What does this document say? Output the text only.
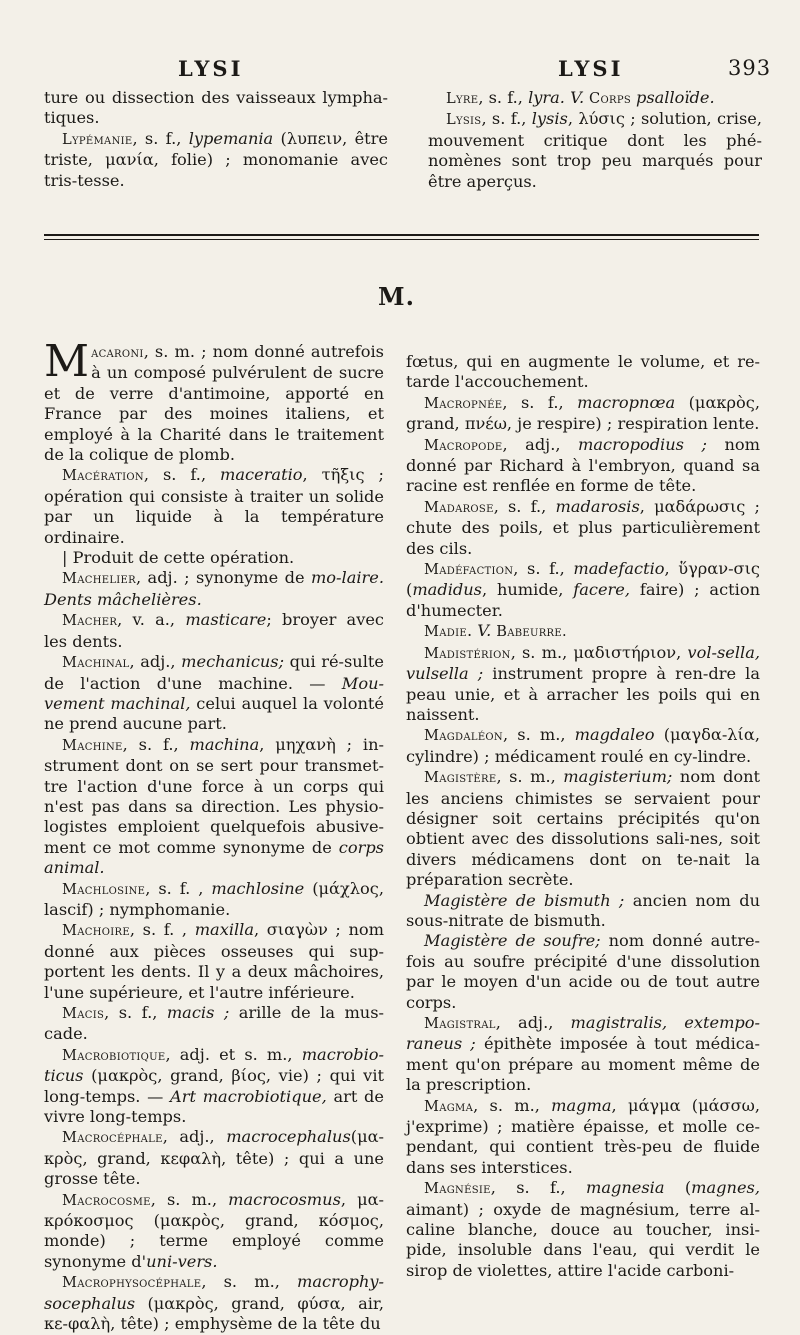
LYSI	LYSI	393

ture ou dissection des vaisseaux lympha-tiques.

Lypémanie, s. f., lypemania (λυπειν, être triste, μανία, folie) ; monomanie avec tris-tesse.

Lyre, s. f., lyra. V. Corps psalloïde.

Lysis, s. f., lysis, λύσις ; solution, crise, mouvement critique dont les phé-nomènes sont trop peu marqués pour être aperçus.

M.

Macaroni, s. m. ; nom donné autrefois à un composé pulvérulent de sucre et de verre d'antimoine, apporté en France par des moines italiens, et employé à la Charité dans le traitement de la colique de plomb.

Macération, s. f., maceratio, τῆξις ; opération qui consiste à traiter un solide par un liquide à la température ordinaire.

| Produit de cette opération.

Machelier, adj. ; synonyme de mo-laire. Dents mâchelières.

Macher, v. a., masticare; broyer avec les dents.

Machinal, adj., mechanicus; qui ré-sulte de l'action d'une machine. — Mou-vement machinal, celui auquel la volonté ne prend aucune part.

Machine, s. f., machina, μηχανὴ ; in-strument dont on se sert pour transmet-tre l'action d'une force à un corps qui n'est pas dans sa direction. Les physio-logistes emploient quelquefois abusive-ment ce mot comme synonyme de corps animal.

Machlosine, s. f. , machlosine (μάχλος, lascif) ; nymphomanie.

Machoire, s. f. , maxilla, σιαγὼν ; nom donné aux pièces osseuses qui sup-portent les dents. Il y a deux mâchoires, l'une supérieure, et l'autre inférieure.

Macis, s. f., macis ; arille de la mus-cade.

Macrobiotique, adj. et s. m., macrobio-ticus (μακρὸς, grand, βίος, vie) ; qui vit long-temps. — Art macrobiotique, art de vivre long-temps.

Macrocéphale, adj., macrocephalus(μα-κρὸς, grand, κεφαλὴ, tête) ; qui a une grosse tête.

Macrocosme, s. m., macrocosmus, μα-κρόκοσμος (μακρὸς, grand, κόσμος, monde) ; terme employé comme synonyme d'uni-vers.

Macrophysocéphale, s. m., macrophy-socephalus (μακρὸς, grand, φύσα, air, κε-φαλὴ, tête) ; emphysème de la tête du

fœtus, qui en augmente le volume, et re-tarde l'accouchement.

Macropnée, s. f., macropnœa (μακρὸς, grand, πνέω, je respire) ; respiration lente.

Macropode, adj., macropodius ; nom donné par Richard à l'embryon, quand sa racine est renflée en forme de tête.

Madarose, s. f., madarosis, μαδάρωσις ; chute des poils, et plus particulièrement des cils.

Madéfaction, s. f., madefactio, ὕγραν-σις (madidus, humide, facere, faire) ; action d'humecter.

Madie. V. Babeurre.

Madistérion, s. m., μαδιστήριον, vol-sella, vulsella ; instrument propre à ren-dre la peau unie, et à arracher les poils qui en naissent.

Magdaléon, s. m., magdaleo (μαγδα-λία, cylindre) ; médicament roulé en cy-lindre.

Magistère, s. m., magisterium; nom dont les anciens chimistes se servaient pour désigner soit certains précipités qu'on obtient avec des dissolutions sali-nes, soit divers médicamens dont on te-nait la préparation secrète.

Magistère de bismuth ; ancien nom du sous-nitrate de bismuth.

Magistère de soufre; nom donné autre-fois au soufre précipité d'une dissolution par le moyen d'un acide ou de tout autre corps.

Magistral, adj., magistralis, extempo-raneus ; épithète imposée à tout médica-ment qu'on prépare au moment même de la prescription.

Magma, s. m., magma, μάγμα (μάσσω, j'exprime) ; matière épaisse, et molle ce-pendant, qui contient très-peu de fluide dans ses interstices.

Magnésie, s. f., magnesia (magnes, aimant) ; oxyde de magnésium, terre al-caline blanche, douce au toucher, insi-pide, insoluble dans l'eau, qui verdit le sirop de violettes, attire l'acide carboni-
